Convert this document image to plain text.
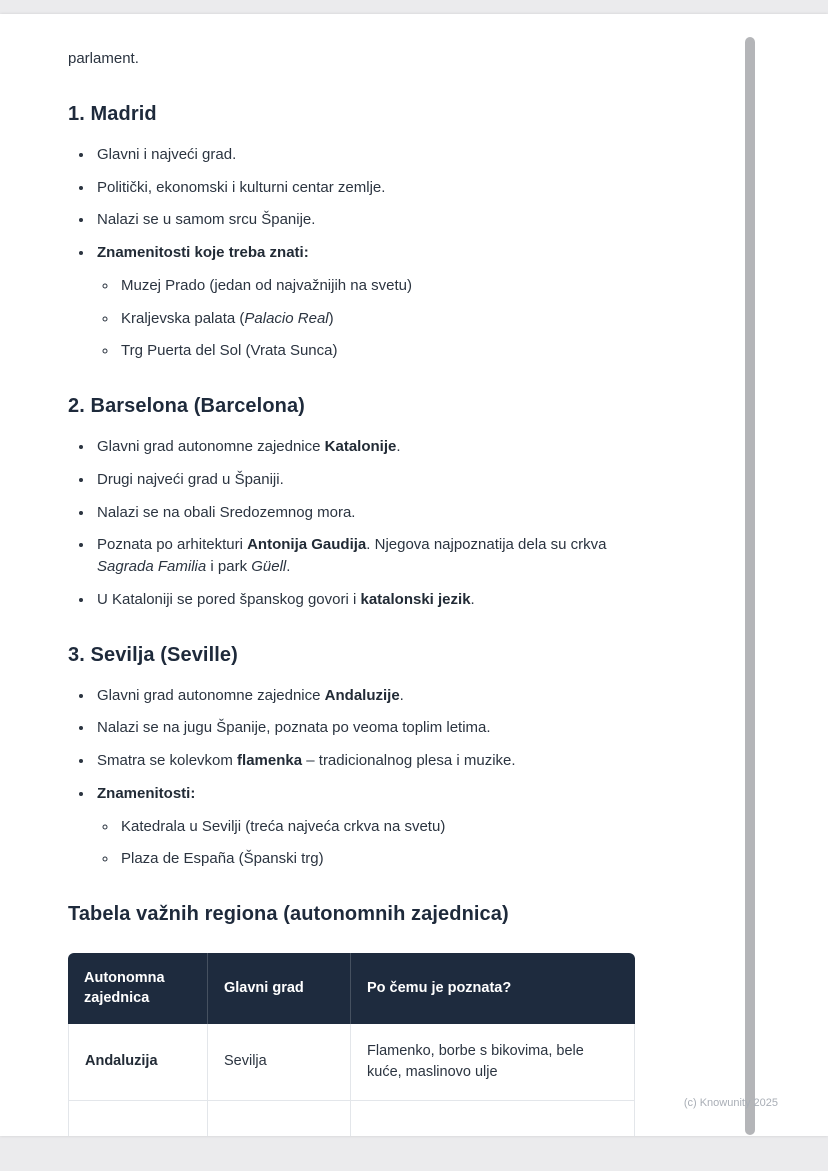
parlament.

1. Madrid
• Glavni i najveći grad.
• Politički, ekonomski i kulturni centar zemlje.
• Nalazi se u samom srcu Španije.
• Znamenitosti koje treba znati:
◦ Muzej Prado (jedan od najvažnijih na svetu)
◦ Kraljevska palata (Palacio Real)
◦ Trg Puerta del Sol (Vrata Sunca)
2. Barselona (Barcelona)
• Glavni grad autonomne zajednice Katalonije.
• Drugi najveći grad u Španiji.
• Nalazi se na obali Sredozemnog mora.
• Poznata po arhitekturi Antonija Gaudija. Njegova najpoznatija dela su crkva Sagrada Familia i park Güell.
• U Kataloniji se pored španskog govori i katalonski jezik.
3. Sevilja (Seville)
• Glavni grad autonomne zajednice Andaluzije.
• Nalazi se na jugu Španije, poznata po veoma toplim letima.
• Smatra se kolevkom flamenka – tradicionalnog plesa i muzike.
• Znamenitosti:
◦ Katedrala u Sevilji (treća najveća crkva na svetu)
◦ Plaza de España (Španski trg)
Tabela važnih regiona (autonomnih zajednica)
Autonomna zajednica	Glavni grad	Po čemu je poznata?
Andaluzija	Sevilja	Flamenko, borbe s bikovima, bele kuće, maslinovo ulje

(c) Knowunity 2025
